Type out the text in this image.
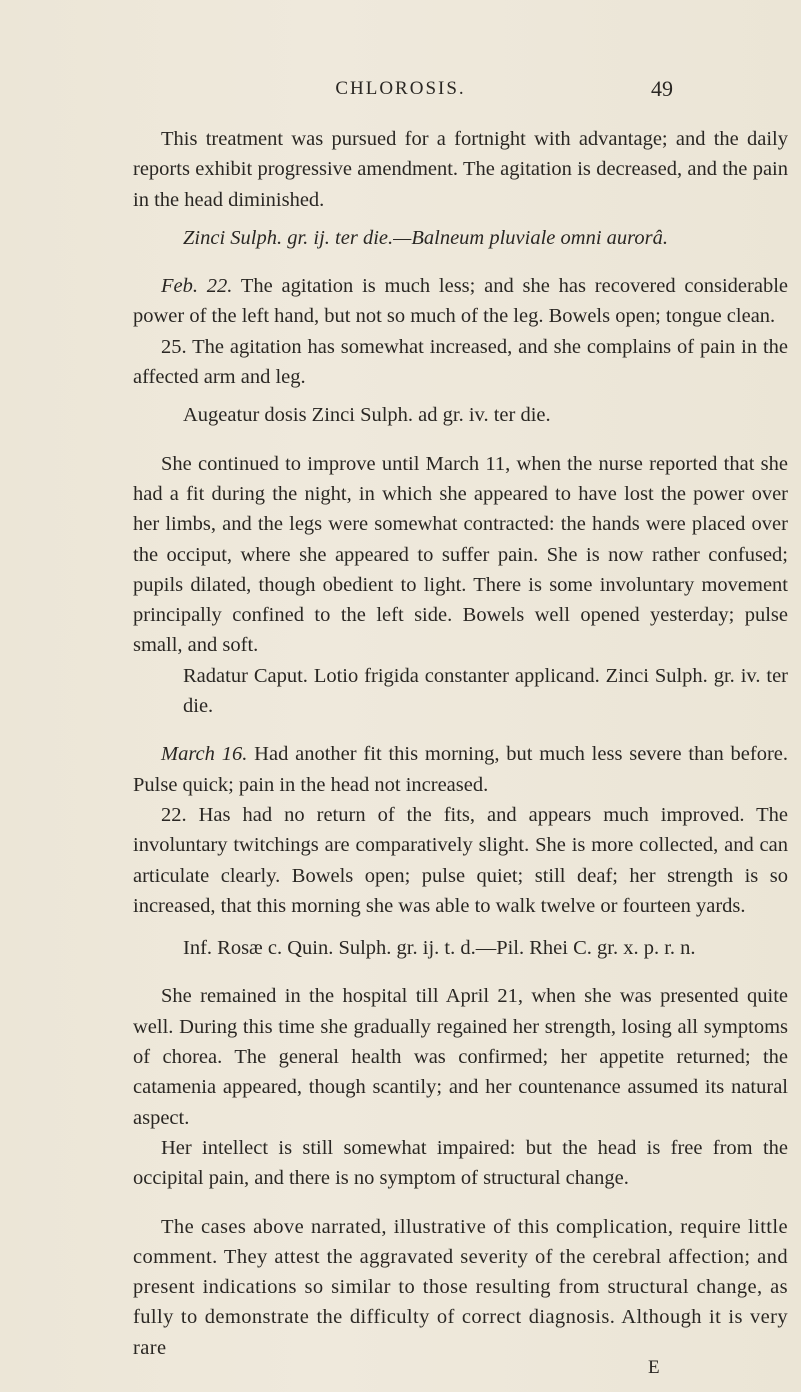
CHLOROSIS.	49

This treatment was pursued for a fortnight with advantage; and the daily reports exhibit progressive amendment. The agitation is decreased, and the pain in the head diminished.

Zinci Sulph. gr. ij. ter die.—Balneum pluviale omni aurorâ.

Feb. 22. The agitation is much less; and she has recovered considerable power of the left hand, but not so much of the leg. Bowels open; tongue clean.

25. The agitation has somewhat increased, and she complains of pain in the affected arm and leg.

Augeatur dosis Zinci Sulph. ad gr. iv. ter die.

She continued to improve until March 11, when the nurse reported that she had a fit during the night, in which she appeared to have lost the power over her limbs, and the legs were somewhat contracted: the hands were placed over the occiput, where she appeared to suffer pain. She is now rather confused; pupils dilated, though obedient to light. There is some involuntary movement principally confined to the left side. Bowels well opened yesterday; pulse small, and soft.

Radatur Caput. Lotio frigida constanter applicand. Zinci Sulph. gr. iv. ter die.

March 16. Had another fit this morning, but much less severe than before. Pulse quick; pain in the head not increased.

22. Has had no return of the fits, and appears much improved. The involuntary twitchings are comparatively slight. She is more collected, and can articulate clearly. Bowels open; pulse quiet; still deaf; her strength is so increased, that this morning she was able to walk twelve or fourteen yards.

Inf. Rosæ c. Quin. Sulph. gr. ij. t. d.—Pil. Rhei C. gr. x. p. r. n.

She remained in the hospital till April 21, when she was presented quite well. During this time she gradually regained her strength, losing all symptoms of chorea. The general health was confirmed; her appetite returned; the catamenia appeared, though scantily; and her countenance assumed its natural aspect.

Her intellect is still somewhat impaired: but the head is free from the occipital pain, and there is no symptom of structural change.

The cases above narrated, illustrative of this complication, require little comment. They attest the aggravated severity of the cerebral affection; and present indications so similar to those resulting from structural change, as fully to demonstrate the difficulty of correct diagnosis. Although it is very rare

E
